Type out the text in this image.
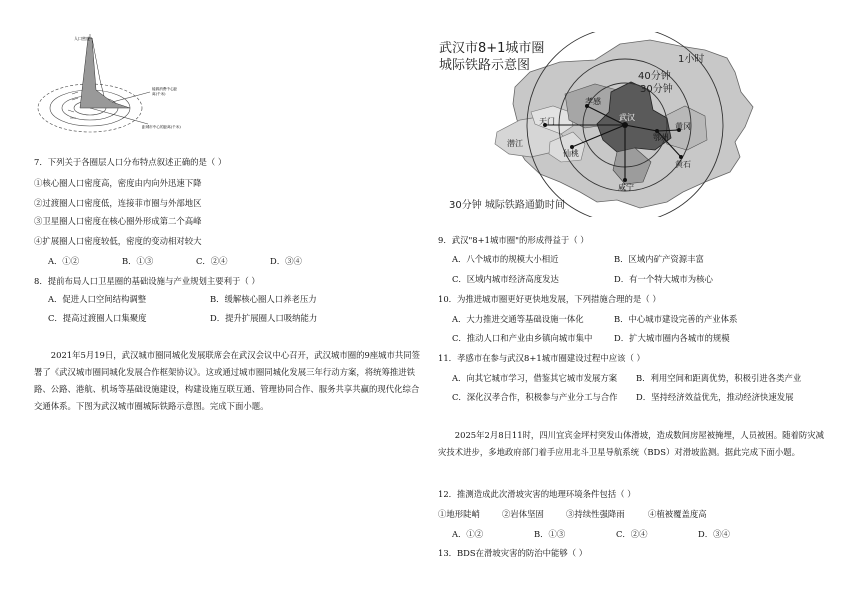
人口密度
能源消费中心距
离(千米)
距城市中心的距离(千米)
7．下列关于各圈层人口分布特点叙述正确的是（ ）
①核心圈人口密度高，密度由内向外迅速下降
②过渡圈人口密度低，连接菲市圈与外部地区
③卫星圈人口密度在核心圈外形成第二个高峰
④扩展圈人口密度较低，密度的变动相对较大
A．①②	B．①③	C．②④	D．③④
8．提前布局人口卫星圈的基础设施与产业规划主要利于（ ）
A．促进人口空间结构调整	B．缓解核心圈人口养老压力
C．提高过渡圈人口集聚度	D．提升扩展圈人口吸纳能力
2021年5月19日，武汉城市圈同城化发展联席会在武汉会议中心召开，武汉城市圈的9座城市共同签署了《武汉城市圈同城化发展合作框架协议》。这或通过城市圈同城化发展三年行动方案，将统筹推进铁路、公路、港航、机场等基础设施建设，构建设施互联互通、管理协同合作、服务共享共赢的现代化综合交通体系。下图为武汉城市圈城际铁路示意图。完成下面小题。
武汉市8+1城市圈
城际铁路示意图	1小时
40分钟
30分钟
武汉
孝感
天门
潜江
仙桃
鄂州
黄冈
黄石
咸宁
30分钟 城际铁路通勤时间
9．武汉"8+1城市圈"的形成得益于（ ）
A．八个城市的规模大小相近	B．区域内矿产资源丰富
C．区域内城市经济高度发达	D．有一个特大城市为核心
10．为推进城市圈更好更快地发展，下列措施合理的是（ ）
A．大力推进交通等基础设施一体化	B．中心城市建设完善的产业体系
C．推动人口和产业由乡镇向城市集中	D．扩大城市圈内各城市的规模
11．孝感市在参与武汉8+1城市圈建设过程中应该（ ）
A．向其它城市学习，借鉴其它城市发展方案 B．利用空间和距离优势，积极引进各类产业
C．深化汉孝合作，积极参与产业分工与合作 D．坚持经济效益优先，推动经济快速发展
2025年2月8日11时，四川宜宾金坪村突发山体滑坡，造成数间房屋被掩埋，人员被困。随着防灾减灾技术进步，多地政府部门着手应用北斗卫星导航系统（BDS）对滑坡监测。据此完成下面小题。
12．推测造成此次滑坡灾害的地理环境条件包括（ ）
①地形陡峭	②岩体坚固	③持续性强降雨	④植被覆盖度高
A．①②	B．①③	C．②④	D．③④
13．BDS在滑坡灾害的防治中能够（ ）
